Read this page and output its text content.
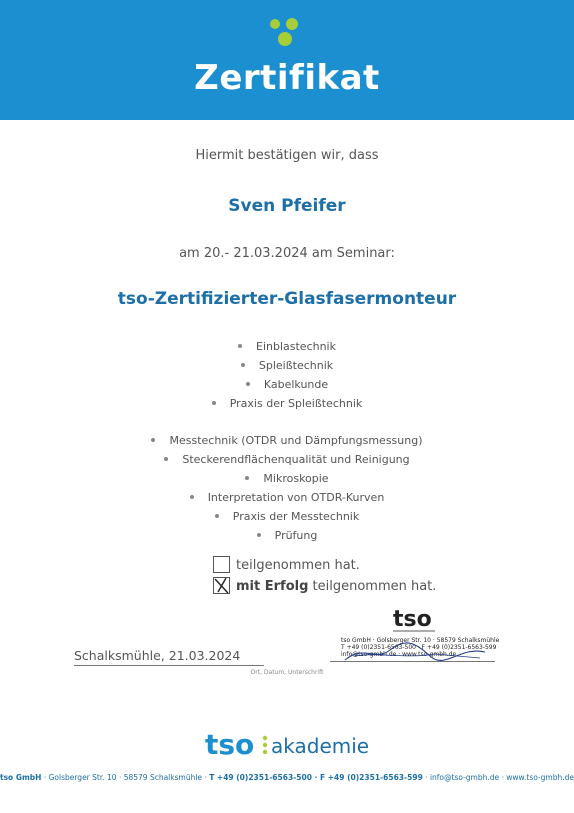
Zertifikat
Hiermit bestätigen wir, dass
Sven Pfeifer
am 20.- 21.03.2024 am Seminar:
tso-Zertifizierter-Glasfasermonteur
Einblastechnik
Spleißtechnik
Kabelkunde
Praxis der Spleißtechnik
Messtechnik (OTDR und Dämpfungsmessung)
Steckerendflächenqualität und Reinigung
Mikroskopie
Interpretation von OTDR-Kurven
Praxis der Messtechnik
Prüfung
teilgenommen hat.
mit Erfolg teilgenommen hat.
Schalksmühle, 21.03.2024
tso
tso GmbH · Golsberger Str. 10 · 58579 Schalksmühle
T +49 (0)2351-6563-500 · F +49 (0)2351-6563-599
info@tso-gmbh.de · www.tso-gmbh.de
Ort, Datum, Unterschrift
tso akademie
tso GmbH · Golsberger Str. 10 · 58579 Schalksmühle · T +49 (0)2351-6563-500 · F +49 (0)2351-6563-599 · info@tso-gmbh.de · www.tso-gmbh.de
